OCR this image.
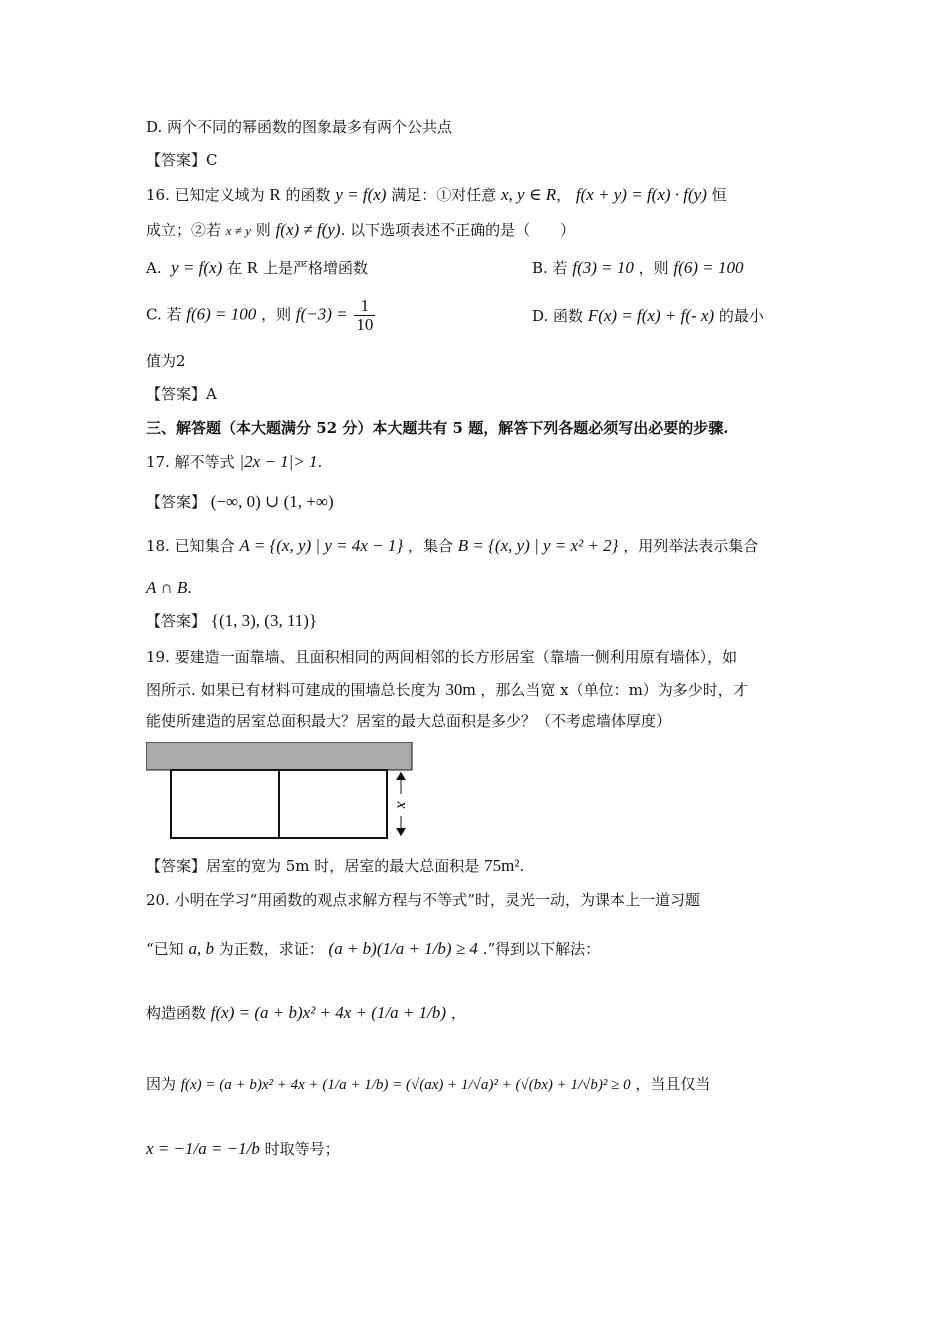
D. 两个不同的幂函数的图象最多有两个公共点
【答案】C
16. 已知定义域为 R 的函数 y = f(x) 满足：①对任意 x, y ∈ R， f(x + y) = f(x) · f(y) 恒
成立；②若 x ≠ y 则 f(x) ≠ f(y). 以下选项表述不正确的是（　　）
A. y = f(x) 在 R 上是严格增函数	B. 若 f(3) = 10 ，则 f(6) = 100
C. 若 f(6) = 100 ，则 $f(-3) = \frac{1}{10}$	D. 函数 F(x) = f(x) + f(- x) 的最小
值为2
【答案】A
三、解答题（本大题满分 52 分）本大题共有 5 题，解答下列各题必须写出必要的步骤.
17. 解不等式 |2x − 1|> 1.
【答案】 (−∞, 0) ∪ (1, +∞)
18. 已知集合 A = {(x, y) | y = 4x − 1} ，集合 B = {(x, y) | y = x² + 2} ，用列举法表示集合
A ∩ B.
【答案】 {(1, 3), (3, 11)}
19. 要建造一面靠墙、且面积相同的两间相邻的长方形居室（靠墙一侧利用原有墙体），如
图所示. 如果已有材料可建成的围墙总长度为 30m ，那么当宽 x（单位：m）为多少时，才
能使所建造的居室总面积最大？居室的最大总面积是多少？（不考虑墙体厚度）
x
【答案】居室的宽为 5m 时，居室的最大总面积是 75m².
20. 小明在学习“用函数的观点求解方程与不等式”时，灵光一动，为课本上一道习题
“已知 a, b 为正数，求证： (a + b)(1/a + 1/b) ≥ 4 .”得到以下解法：
构造函数 f(x) = (a + b)x² + 4x + (1/a + 1/b) ，
因为 f(x) = (a + b)x² + 4x + (1/a + 1/b) = (√(ax) + 1/√a)² + (√(bx) + 1/√b)² ≥ 0 ，当且仅当
x = −1/a = −1/b 时取等号；
